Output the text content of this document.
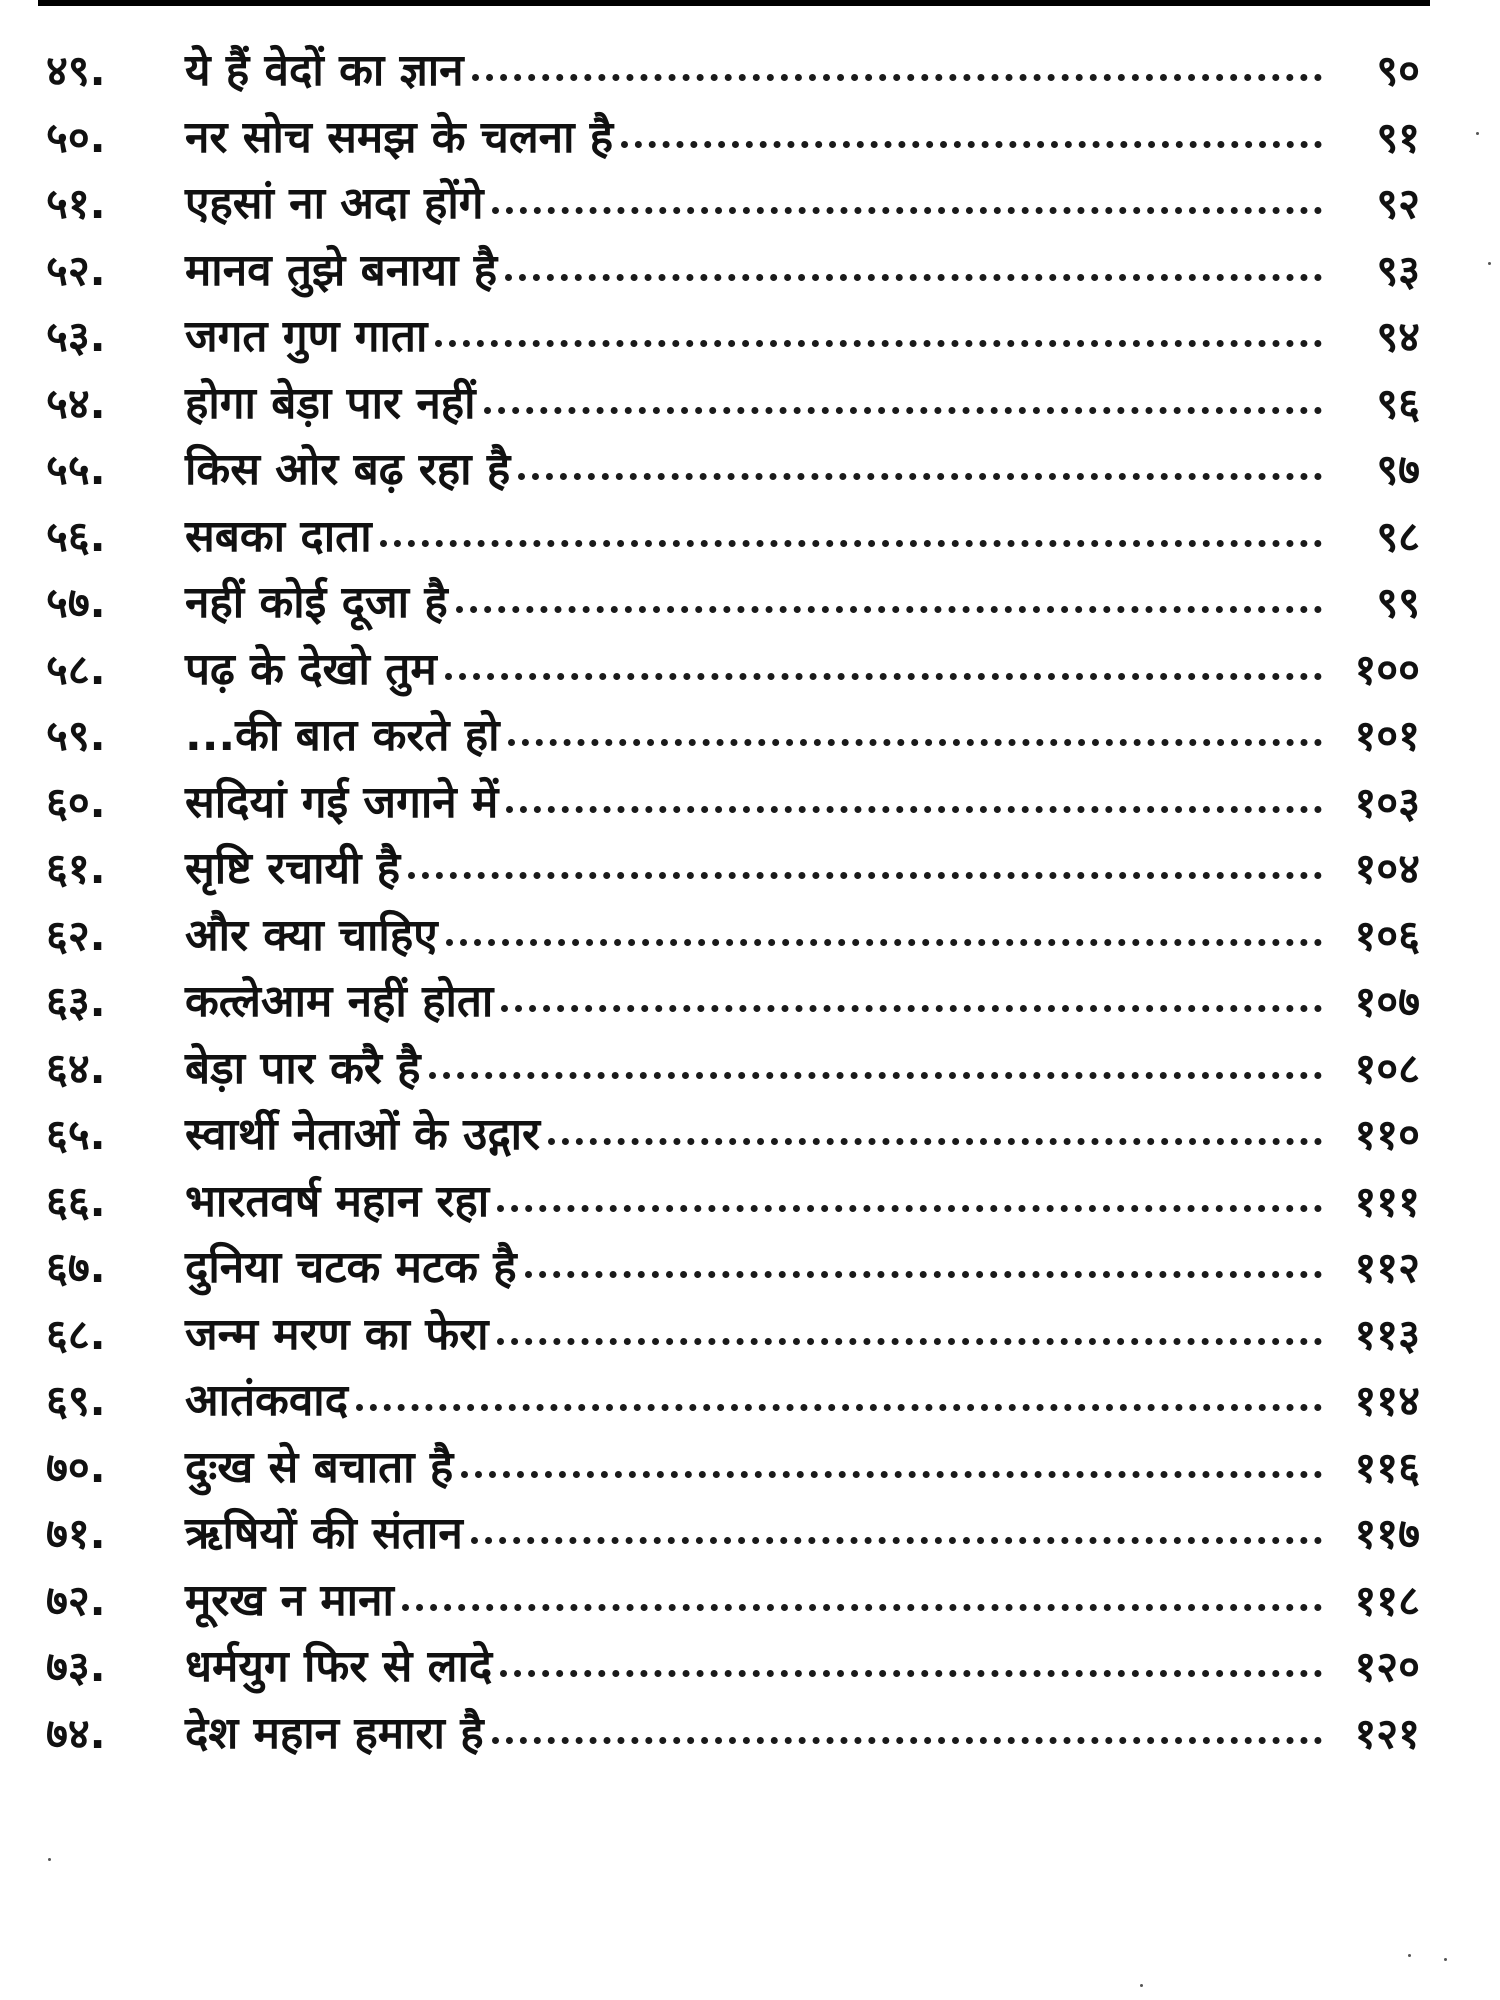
४९. ये हैं वेदों का ज्ञान	९०
५०. नर सोच समझ के चलना है	९१
५१. एहसां ना अदा होंगे	९२
५२. मानव तुझे बनाया है	९३
५३. जगत गुण गाता	९४
५४. होगा बेड़ा पार नहीं	९६
५५. किस ओर बढ़ रहा है	९७
५६. सबका दाता	९८
५७. नहीं कोई दूजा है	९९
५८. पढ़ के देखो तुम	१००
५९. ...की बात करते हो	१०१
६०. सदियां गई जगाने में	१०३
६१. सृष्टि रचायी है	१०४
६२. और क्या चाहिए	१०६
६३. कत्लेआम नहीं होता	१०७
६४. बेड़ा पार करै है	१०८
६५. स्वार्थी नेताओं के उद्गार	११०
६६. भारतवर्ष महान रहा	१११
६७. दुनिया चटक मटक है	११२
६८. जन्म मरण का फेरा	११३
६९. आतंकवाद	११४
७०. दुःख से बचाता है	११६
७१. ऋषियों की संतान	११७
७२. मूरख न माना	११८
७३. धर्मयुग फिर से लादे	१२०
७४. देश महान हमारा है	१२१
